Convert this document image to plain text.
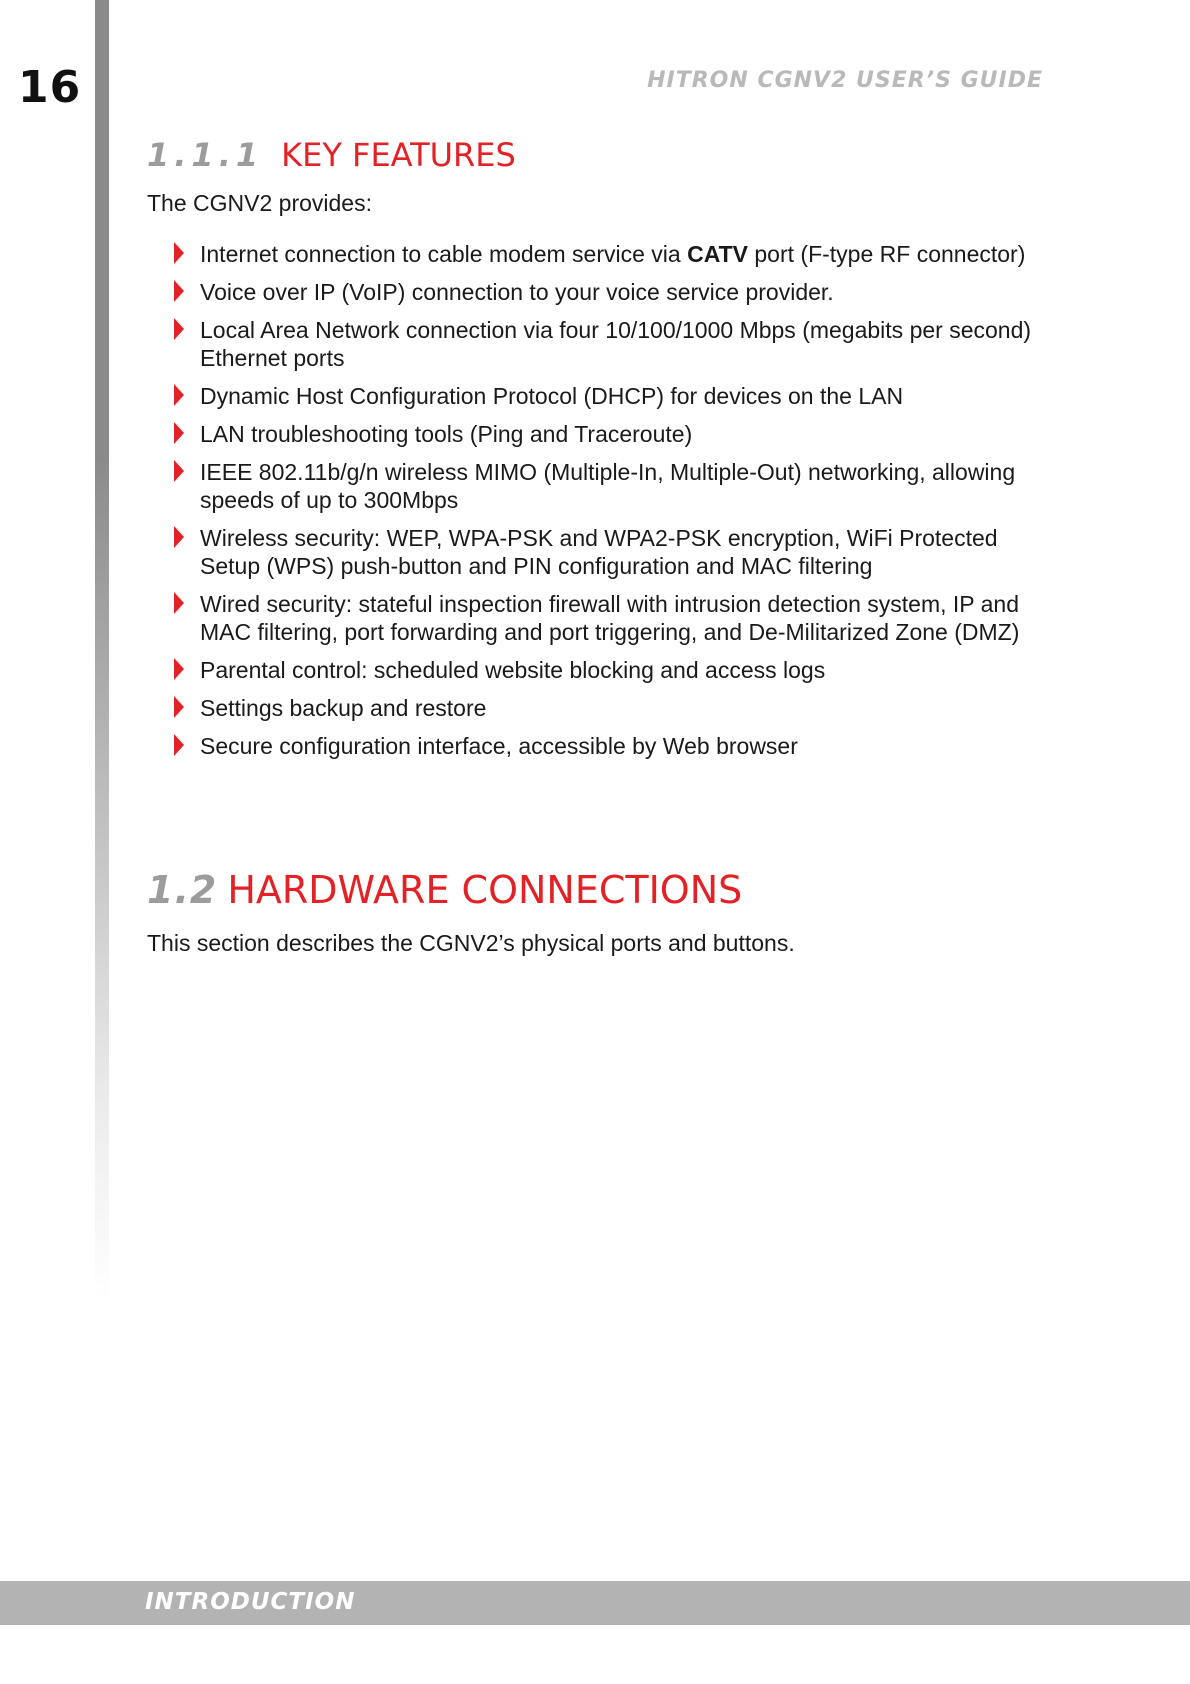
16	HITRON CGNV2 USER’S GUIDE
1.1.1 KEY FEATURES
The CGNV2 provides:
Internet connection to cable modem service via CATV port (F-type RF connector)
Voice over IP (VoIP) connection to your voice service provider.
Local Area Network connection via four 10/100/1000 Mbps (megabits per second) Ethernet ports
Dynamic Host Configuration Protocol (DHCP) for devices on the LAN
LAN troubleshooting tools (Ping and Traceroute)
IEEE 802.11b/g/n wireless MIMO (Multiple-In, Multiple-Out) networking, allowing speeds of up to 300Mbps
Wireless security: WEP, WPA-PSK and WPA2-PSK encryption, WiFi Protected Setup (WPS) push-button and PIN configuration and MAC filtering
Wired security: stateful inspection firewall with intrusion detection system, IP and MAC filtering, port forwarding and port triggering, and De-Militarized Zone (DMZ)
Parental control: scheduled website blocking and access logs
Settings backup and restore
Secure configuration interface, accessible by Web browser
1.2 HARDWARE CONNECTIONS
This section describes the CGNV2’s physical ports and buttons.
INTRODUCTION
